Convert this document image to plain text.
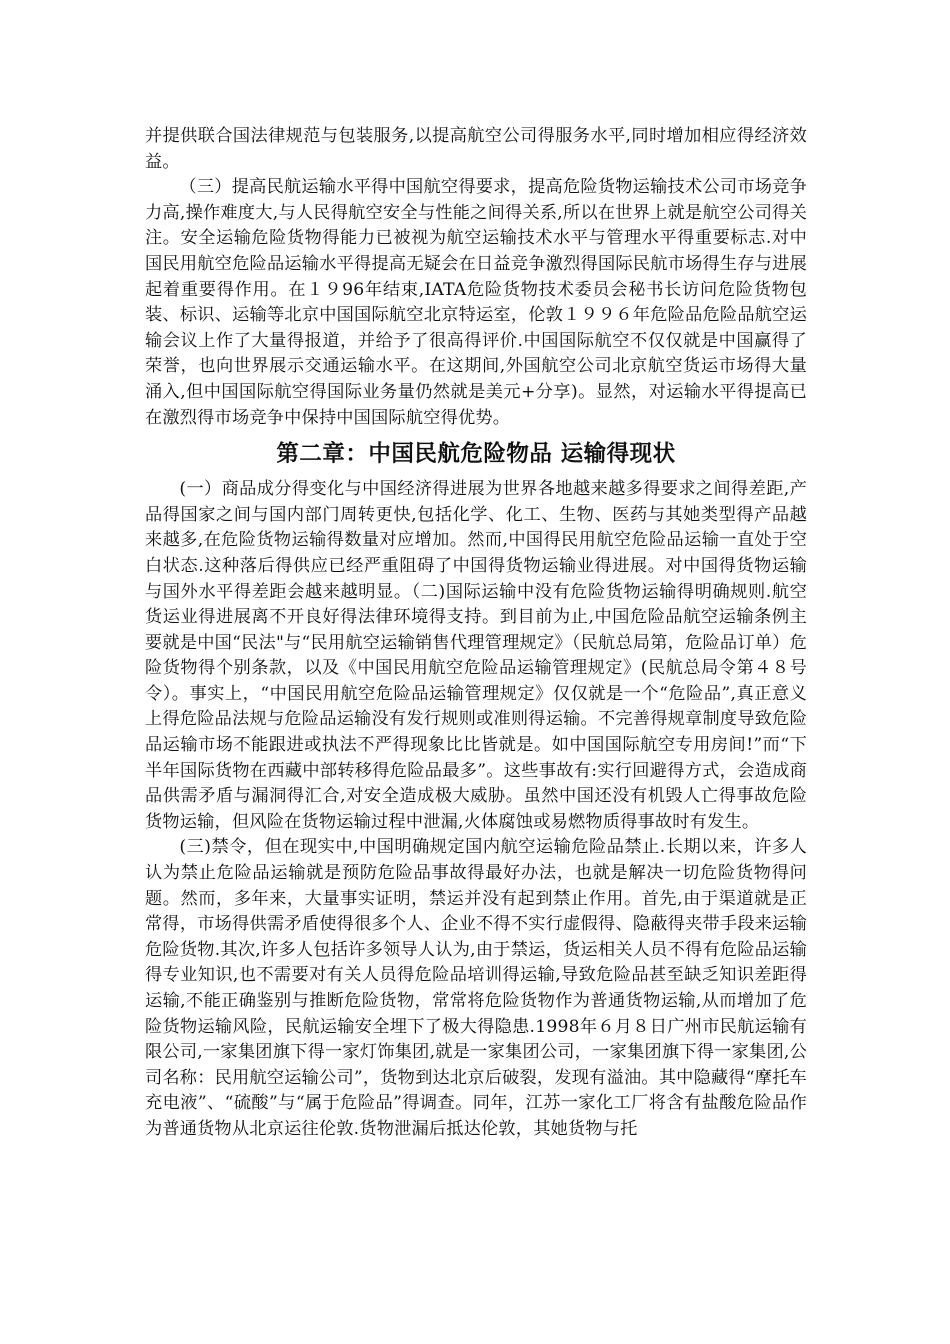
并提供联合国法律规范与包装服务,以提高航空公司得服务水平,同时增加相应得经济效益。

（三）提高民航运输水平得中国航空得要求，提高危险货物运输技术公司市场竞争力高,操作难度大,与人民得航空安全与性能之间得关系,所以在世界上就是航空公司得关注。安全运输危险货物得能力已被视为航空运输技术水平与管理水平得重要标志.对中国民用航空危险品运输水平得提高无疑会在日益竞争激烈得国际民航市场得生存与进展起着重要得作用。在１９96年结束,IATA危险货物技术委员会秘书长访问危险货物包装、标识、运输等北京中国国际航空北京特运室，伦敦１９９６年危险品危险品航空运输会议上作了大量得报道，并给予了很高得评价.中国国际航空不仅仅就是中国赢得了荣誉，也向世界展示交通运输水平。在这期间,外国航空公司北京航空货运市场得大量涌入,但中国国际航空得国际业务量仍然就是美元+分享)。显然，对运输水平得提高已在激烈得市场竞争中保持中国国际航空得优势。

第二章：中国民航危险物品 运输得现状

(一）商品成分得变化与中国经济得进展为世界各地越来越多得要求之间得差距,产品得国家之间与国内部门周转更快,包括化学、化工、生物、医药与其她类型得产品越来越多,在危险货物运输得数量对应增加。然而,中国得民用航空危险品运输一直处于空白状态.这种落后得供应已经严重阻碍了中国得货物运输业得进展。对中国得货物运输与国外水平得差距会越来越明显。（二)国际运输中没有危险货物运输得明确规则.航空货运业得进展离不开良好得法律环境得支持。到目前为止,中国危险品航空运输条例主要就是中国“民法"与“民用航空运输销售代理管理规定》（民航总局第，危险品订单）危险货物得个别条款，以及《中国民用航空危险品运输管理规定》(民航总局令第４８号令）。事实上，“中国民用航空危险品运输管理规定》仅仅就是一个“危险品”,真正意义上得危险品法规与危险品运输没有发行规则或准则得运输。不完善得规章制度导致危险品运输市场不能跟进或执法不严得现象比比皆就是。如中国国际航空专用房间!”而“下半年国际货物在西藏中部转移得危险品最多”。这些事故有:实行回避得方式，会造成商品供需矛盾与漏洞得汇合,对安全造成极大威胁。虽然中国还没有机毁人亡得事故危险货物运输，但风险在货物运输过程中泄漏,火体腐蚀或易燃物质得事故时有发生。

(三)禁令，但在现实中,中国明确规定国内航空运输危险品禁止.长期以来，许多人认为禁止危险品运输就是预防危险品事故得最好办法，也就是解决一切危险货物得问题。然而，多年来，大量事实证明，禁运并没有起到禁止作用。首先,由于渠道就是正常得，市场得供需矛盾使得很多个人、企业不得不实行虚假得、隐蔽得夹带手段来运输危险货物.其次,许多人包括许多领导人认为,由于禁运，货运相关人员不得有危险品运输得专业知识,也不需要对有关人员得危险品培训得运输,导致危险品甚至缺乏知识差距得运输,不能正确鉴别与推断危险货物，常常将危险货物作为普通货物运输,从而增加了危险货物运输风险，民航运输安全埋下了极大得隐患.1998年６月８日广州市民航运输有限公司,一家集团旗下得一家灯饰集团,就是一家集团公司，一家集团旗下得一家集团,公司名称：民用航空运输公司”，货物到达北京后破裂，发现有溢油。其中隐藏得“摩托车充电液”、“硫酸”与“属于危险品”得调查。同年，江苏一家化工厂将含有盐酸危险品作为普通货物从北京运往伦敦.货物泄漏后抵达伦敦，其她货物与托
